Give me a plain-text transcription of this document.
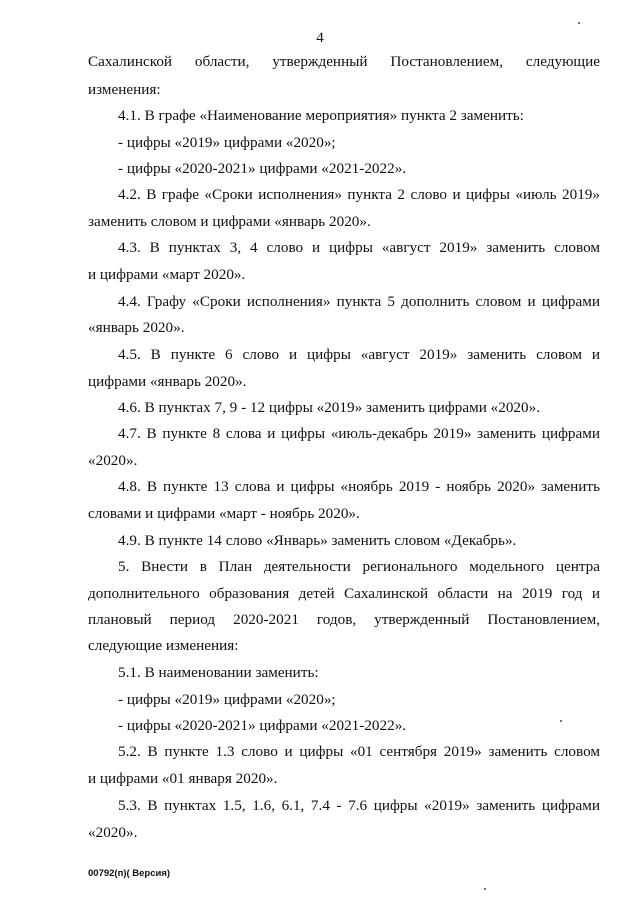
4
Сахалинской области, утвержденный Постановлением, следующие
изменения:
4.1. В графе «Наименование мероприятия» пункта 2 заменить:
- цифры «2019» цифрами «2020»;
- цифры «2020-2021» цифрами «2021-2022».
4.2. В графе «Сроки исполнения» пункта 2 слово и цифры «июль 2019»
заменить словом и цифрами «январь 2020».
4.3. В пунктах 3, 4 слово и цифры «август 2019» заменить словом
и цифрами «март 2020».
4.4. Графу «Сроки исполнения» пункта 5 дополнить словом и цифрами
«январь 2020».
4.5. В пункте 6 слово и цифры «август 2019» заменить словом и
цифрами «январь 2020».
4.6. В пунктах 7, 9 - 12 цифры «2019» заменить цифрами «2020».
4.7. В пункте 8 слова и цифры «июль-декабрь 2019» заменить цифрами
«2020».
4.8. В пункте 13 слова и цифры «ноябрь 2019 - ноябрь 2020» заменить
словами и цифрами «март - ноябрь 2020».
4.9. В пункте 14 слово «Январь» заменить словом «Декабрь».
5. Внести в План деятельности регионального модельного центра
дополнительного образования детей Сахалинской области на 2019 год и
плановый период 2020-2021 годов, утвержденный Постановлением,
следующие изменения:
5.1. В наименовании заменить:
- цифры «2019» цифрами «2020»;
- цифры «2020-2021» цифрами «2021-2022».
5.2. В пункте 1.3 слово и цифры «01 сентября 2019» заменить словом
и цифрами «01 января 2020».
5.3. В пунктах 1.5, 1.6, 6.1, 7.4 - 7.6 цифры «2019» заменить цифрами
«2020».
00792(п)( Версия)
